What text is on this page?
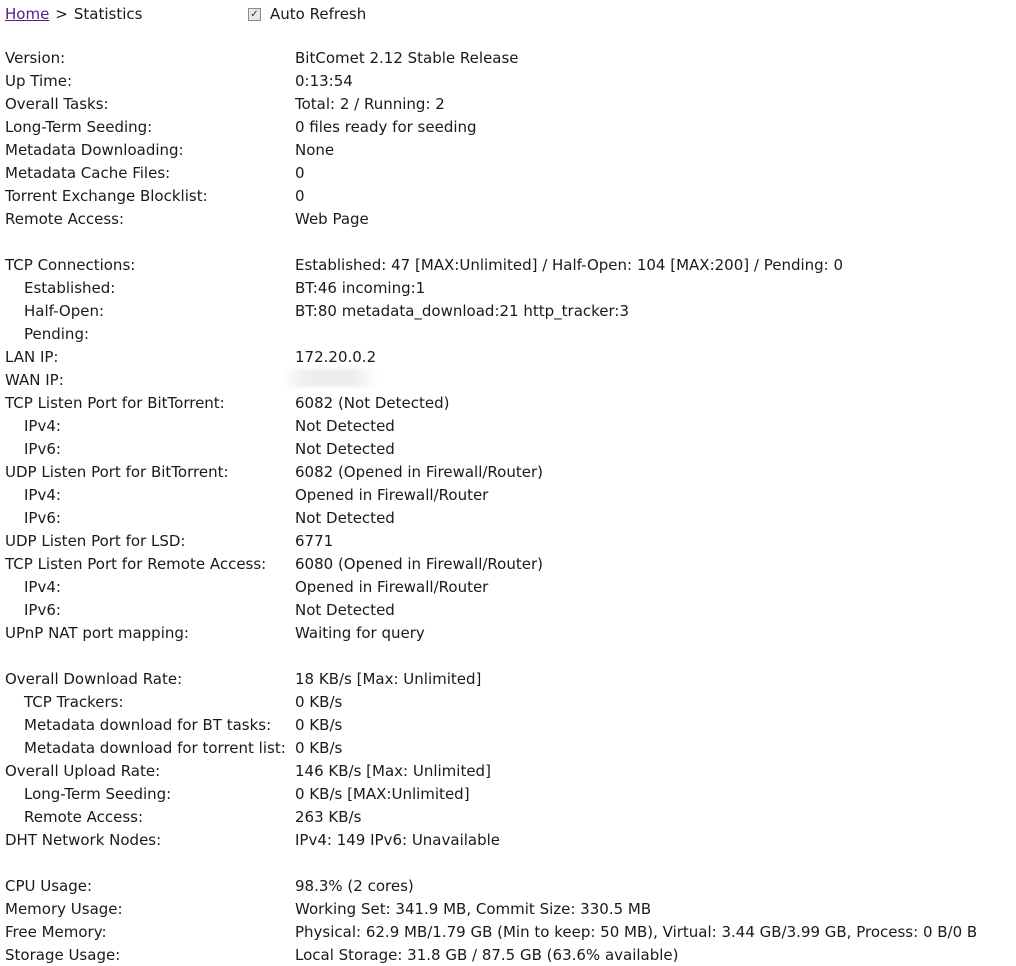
Home > Statistics	✓ Auto Refresh
Version:	BitComet 2.12 Stable Release
Up Time:	0:13:54
Overall Tasks:	Total: 2 / Running: 2
Long-Term Seeding:	0 files ready for seeding
Metadata Downloading:	None
Metadata Cache Files:	0
Torrent Exchange Blocklist:	0
Remote Access:	Web Page
TCP Connections:	Established: 47 [MAX:Unlimited] / Half-Open: 104 [MAX:200] / Pending: 0
Established:	BT:46 incoming:1
Half-Open:	BT:80 metadata_download:21 http_tracker:3
Pending:
LAN IP:	172.20.0.2
WAN IP:
TCP Listen Port for BitTorrent:	6082 (Not Detected)
IPv4:	Not Detected
IPv6:	Not Detected
UDP Listen Port for BitTorrent:	6082 (Opened in Firewall/Router)
IPv4:	Opened in Firewall/Router
IPv6:	Not Detected
UDP Listen Port for LSD:	6771
TCP Listen Port for Remote Access:	6080 (Opened in Firewall/Router)
IPv4:	Opened in Firewall/Router
IPv6:	Not Detected
UPnP NAT port mapping:	Waiting for query
Overall Download Rate:	18 KB/s [Max: Unlimited]
TCP Trackers:	0 KB/s
Metadata download for BT tasks:	0 KB/s
Metadata download for torrent list: 0 KB/s
Overall Upload Rate:	146 KB/s [Max: Unlimited]
Long-Term Seeding:	0 KB/s [MAX:Unlimited]
Remote Access:	263 KB/s
DHT Network Nodes:	IPv4: 149 IPv6: Unavailable
CPU Usage:	98.3% (2 cores)
Memory Usage:	Working Set: 341.9 MB, Commit Size: 330.5 MB
Free Memory:	Physical: 62.9 MB/1.79 GB (Min to keep: 50 MB), Virtual: 3.44 GB/3.99 GB, Process: 0 B/0 B
Storage Usage:	Local Storage: 31.8 GB / 87.5 GB (63.6% available)
